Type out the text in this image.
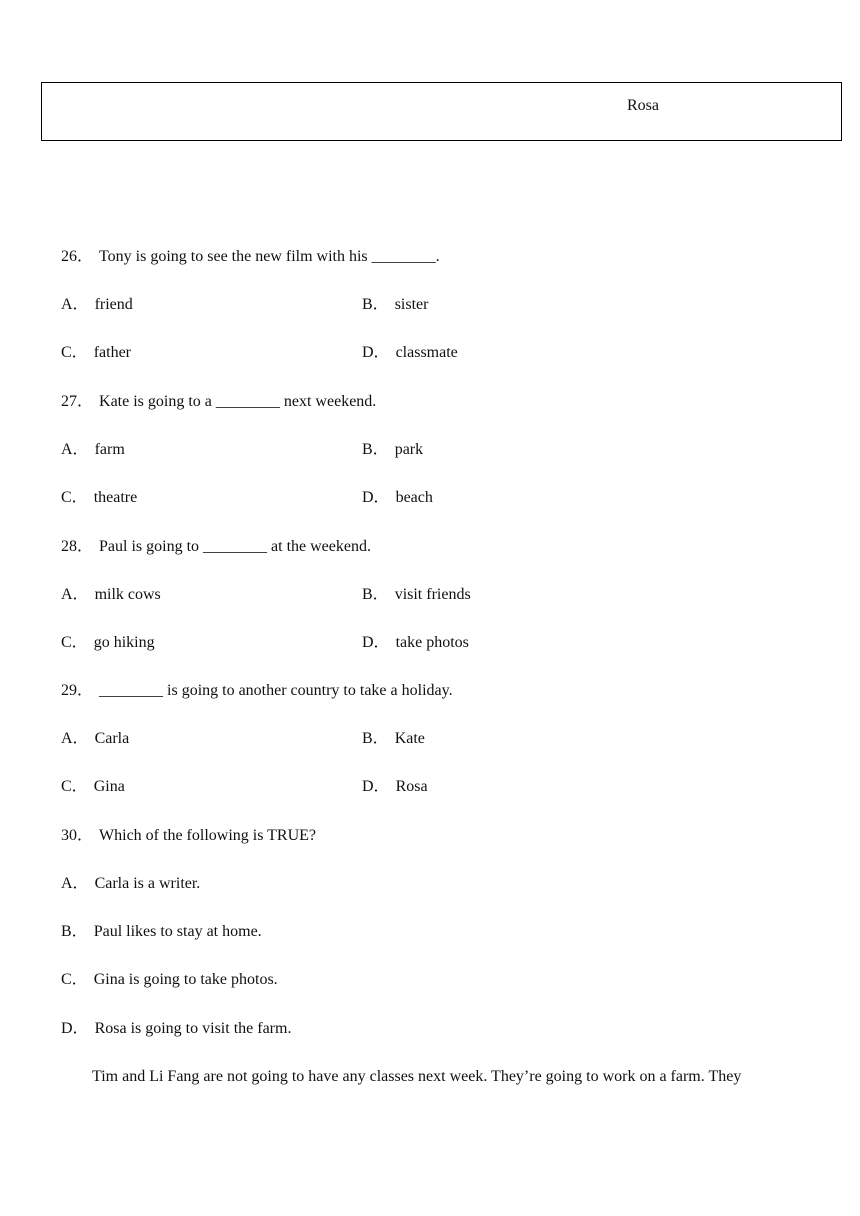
Rosa
26． Tony is going to see the new film with his ________.
A． friend	B． sister
C． father	D． classmate
27． Kate is going to a ________ next weekend.
A． farm	B． park
C． theatre	D． beach
28． Paul is going to ________ at the weekend.
A． milk cows	B． visit friends
C． go hiking	D． take photos
29． ________ is going to another country to take a holiday.
A． Carla	B． Kate
C． Gina	D． Rosa
30． Which of the following is TRUE?
A． Carla is a writer.
B． Paul likes to stay at home.
C． Gina is going to take photos.
D． Rosa is going to visit the farm.
Tim and Li Fang are not going to have any classes next week. They’re going to work on a farm. They
